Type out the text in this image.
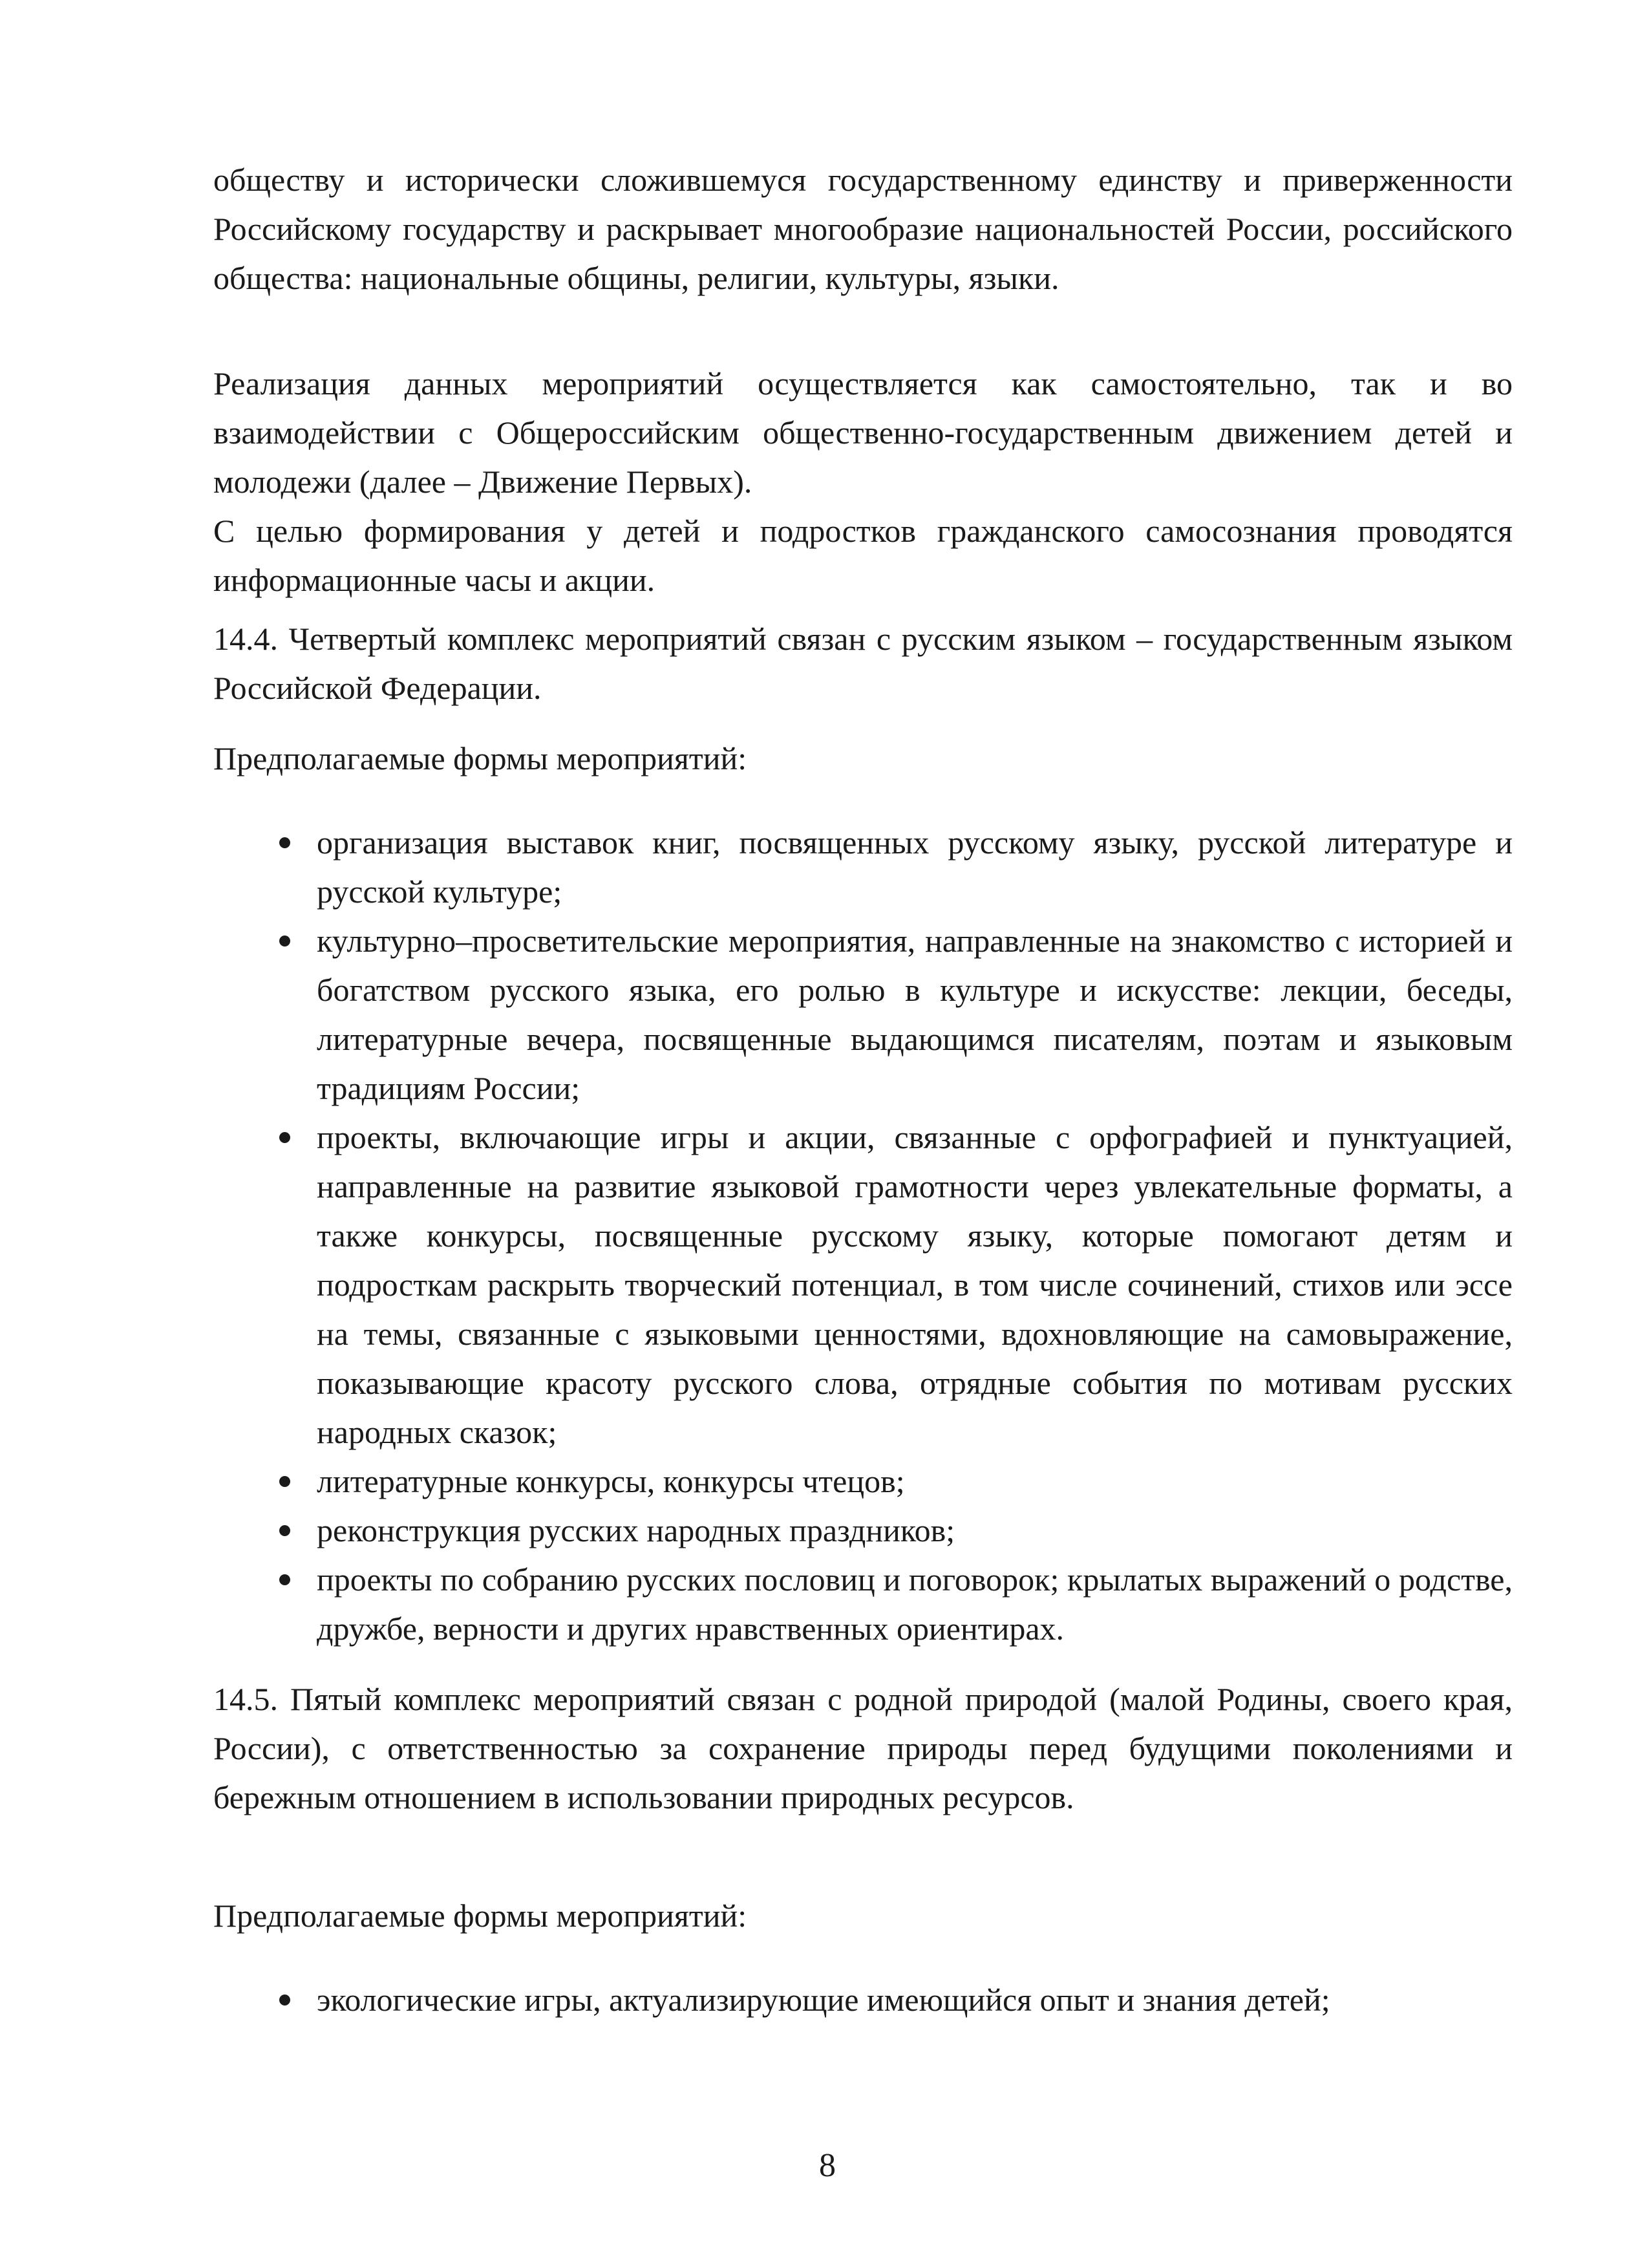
обществу и исторически сложившемуся государственному единству и приверженности Российскому государству и раскрывает многообразие национальностей России, российского общества: национальные общины, религии, культуры, языки.

Реализация данных мероприятий осуществляется как самостоятельно, так и во взаимодействии с Общероссийским общественно-государственным движением детей и молодежи (далее – Движение Первых).

С целью формирования у детей и подростков гражданского самосознания проводятся информационные часы и акции.

14.4. Четвертый комплекс мероприятий связан с русским языком – государственным языком Российской Федерации.

Предполагаемые формы мероприятий:

организация выставок книг, посвященных русскому языку, русской литературе и русской культуре;
культурно–просветительские мероприятия, направленные на знакомство с историей и богатством русского языка, его ролью в культуре и искусстве: лекции, беседы, литературные вечера, посвященные выдающимся писателям, поэтам и языковым традициям России;
проекты, включающие игры и акции, связанные с орфографией и пунктуацией, направленные на развитие языковой грамотности через увлекательные форматы, а также конкурсы, посвященные русскому языку, которые помогают детям и подросткам раскрыть творческий потенциал, в том числе сочинений, стихов или эссе на темы, связанные с языковыми ценностями, вдохновляющие на самовыражение, показывающие красоту русского слова, отрядные события по мотивам русских народных сказок;
литературные конкурсы, конкурсы чтецов;
реконструкция русских народных праздников;
проекты по собранию русских пословиц и поговорок; крылатых выражений о родстве, дружбе, верности и других нравственных ориентирах.

14.5. Пятый комплекс мероприятий связан с родной природой (малой Родины, своего края, России), с ответственностью за сохранение природы перед будущими поколениями и бережным отношением в использовании природных ресурсов.

Предполагаемые формы мероприятий:

экологические игры, актуализирующие имеющийся опыт и знания детей;
8
